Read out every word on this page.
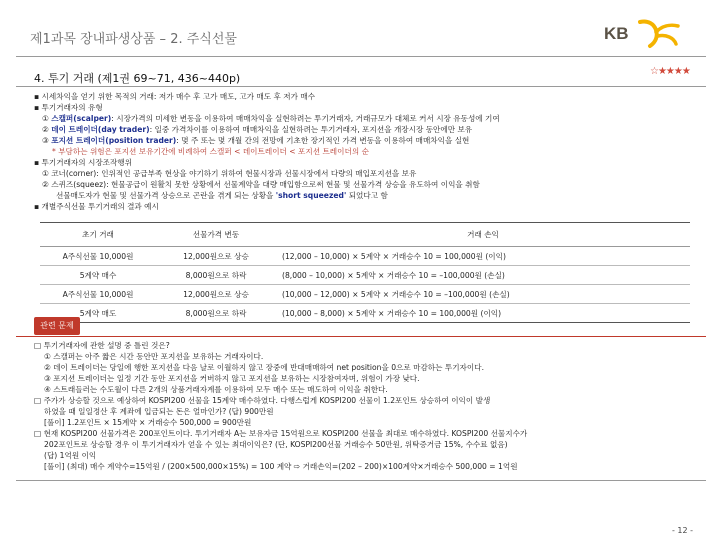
제1과목 장내파생상품 – 2. 주식선물	KB
4. 투기 거래 (제1권 69~71, 436~440p)
☆★★★★
▪ 시세차익을 얻기 위한 목적의 거래: 저가 매수 후 고가 매도, 고가 매도 후 저가 매수
▪ 투기거래자의 유형
① 스캘퍼(scalper): 시장가격의 미세한 변동을 이용하여 매매차익을 실현하려는 투기거래자, 거래규모가 대체로 커서 시장 유동성에 기여
② 데이 트레이더(day trader): 일중 가격차이를 이용하여 매매차익을 실현하려는 투기거래자, 포지션을 개장시장 동안에만 보유
③ 포지션 트레이더(position trader): 몇 주 또는 몇 개월 간의 전망에 기초한 장기적인 가격 변동을 이용하여 매매차익을 실현
* 부담하는 위험은 포지션 보유기간에 비례하여 스캘퍼 < 데이트레이더 < 포지션 트레이더의 순
▪ 투기거래자의 시장조작행위
① 코너(corner): 인위적인 공급부족 현상을 야기하기 위하여 현물시장과 선물시장에서 다량의 매입포지션을 보유
② 스퀴즈(squeez): 현물공급이 원활치 못한 상황에서 선물계약을 대량 매입함으로써 현물 및 선물가격 상승을 유도하여 이익을 취함
선물매도자가 현물 및 선물가격 상승으로 곤란을 겪게 되는 상황을 'short squeezed' 되었다고 함
▪ 개별주식선물 투기거래의 결과 예시
초기 거래	선물가격 변동	거래 손익
A주식선물 10,000원	12,000원으로 상승	(12,000 – 10,000) × 5계약 × 거래승수 10 = 100,000원 (이익)
5계약 매수	8,000원으로 하락	(8,000 – 10,000) × 5계약 × 거래승수 10 = –100,000원 (손실)
A주식선물 10,000원	12,000원으로 상승	(10,000 – 12,000) × 5계약 × 거래승수 10 = –100,000원 (손실)
5계약 매도	8,000원으로 하락	(10,000 – 8,000) × 5계약 × 거래승수 10 = 100,000원 (이익)
관련 문제
□ 투기거래자에 관한 설명 중 틀린 것은?
① 스캘퍼는 아주 짧은 시간 동안만 포지션을 보유하는 거래자이다.
② 데이 트레이더는 당일에 행한 포지션을 다음 날로 이월하지 않고 장중에 반대매매하여 net position을 0으로 마감하는 투기자이다.
③ 포지션 트레이더는 일정 기간 동안 포지션을 커버하지 않고 포지션을 보유하는 시장참여자며, 위험이 가장 낮다.
④ 스트래들러는 수도월이 다른 2개의 상품거래자계를 이용하여 모두 매수 또는 매도하여 이익을 취한다.
□ 주가가 상승할 것으로 예상하여 KOSPI200 선물을 15계약 매수하였다. 다행스럽게 KOSPI200 선물이 1.2포인트 상승하여 이익이 발생
하였을 때 일일정산 후 계좌에 입금되는 돈은 얼마인가? (답) 900만원
[풀이] 1.2포인트 × 15계약 × 거래승수 500,000 = 900만원
□ 현재 KOSPI200 선물가격은 200포인트이다. 투기거래자 A는 보유자금 15억원으로 KOSPI200 선물을 최대로 매수하였다. KOSPI200 선물지수가
202포인트로 상승할 경우 이 투기거래자가 얻을 수 있는 최대이익은? (단, KOSPI200선물 거래승수 50만원, 위탁증거금 15%, 수수료 없음)
(답) 1억원 이익
[풀이] (최대) 매수 계약수=15억원 / (200×500,000×15%) = 100 계약 ⇨ 거래손익=(202 – 200)×100계약×거래승수 500,000 = 1억원
- 12 -
